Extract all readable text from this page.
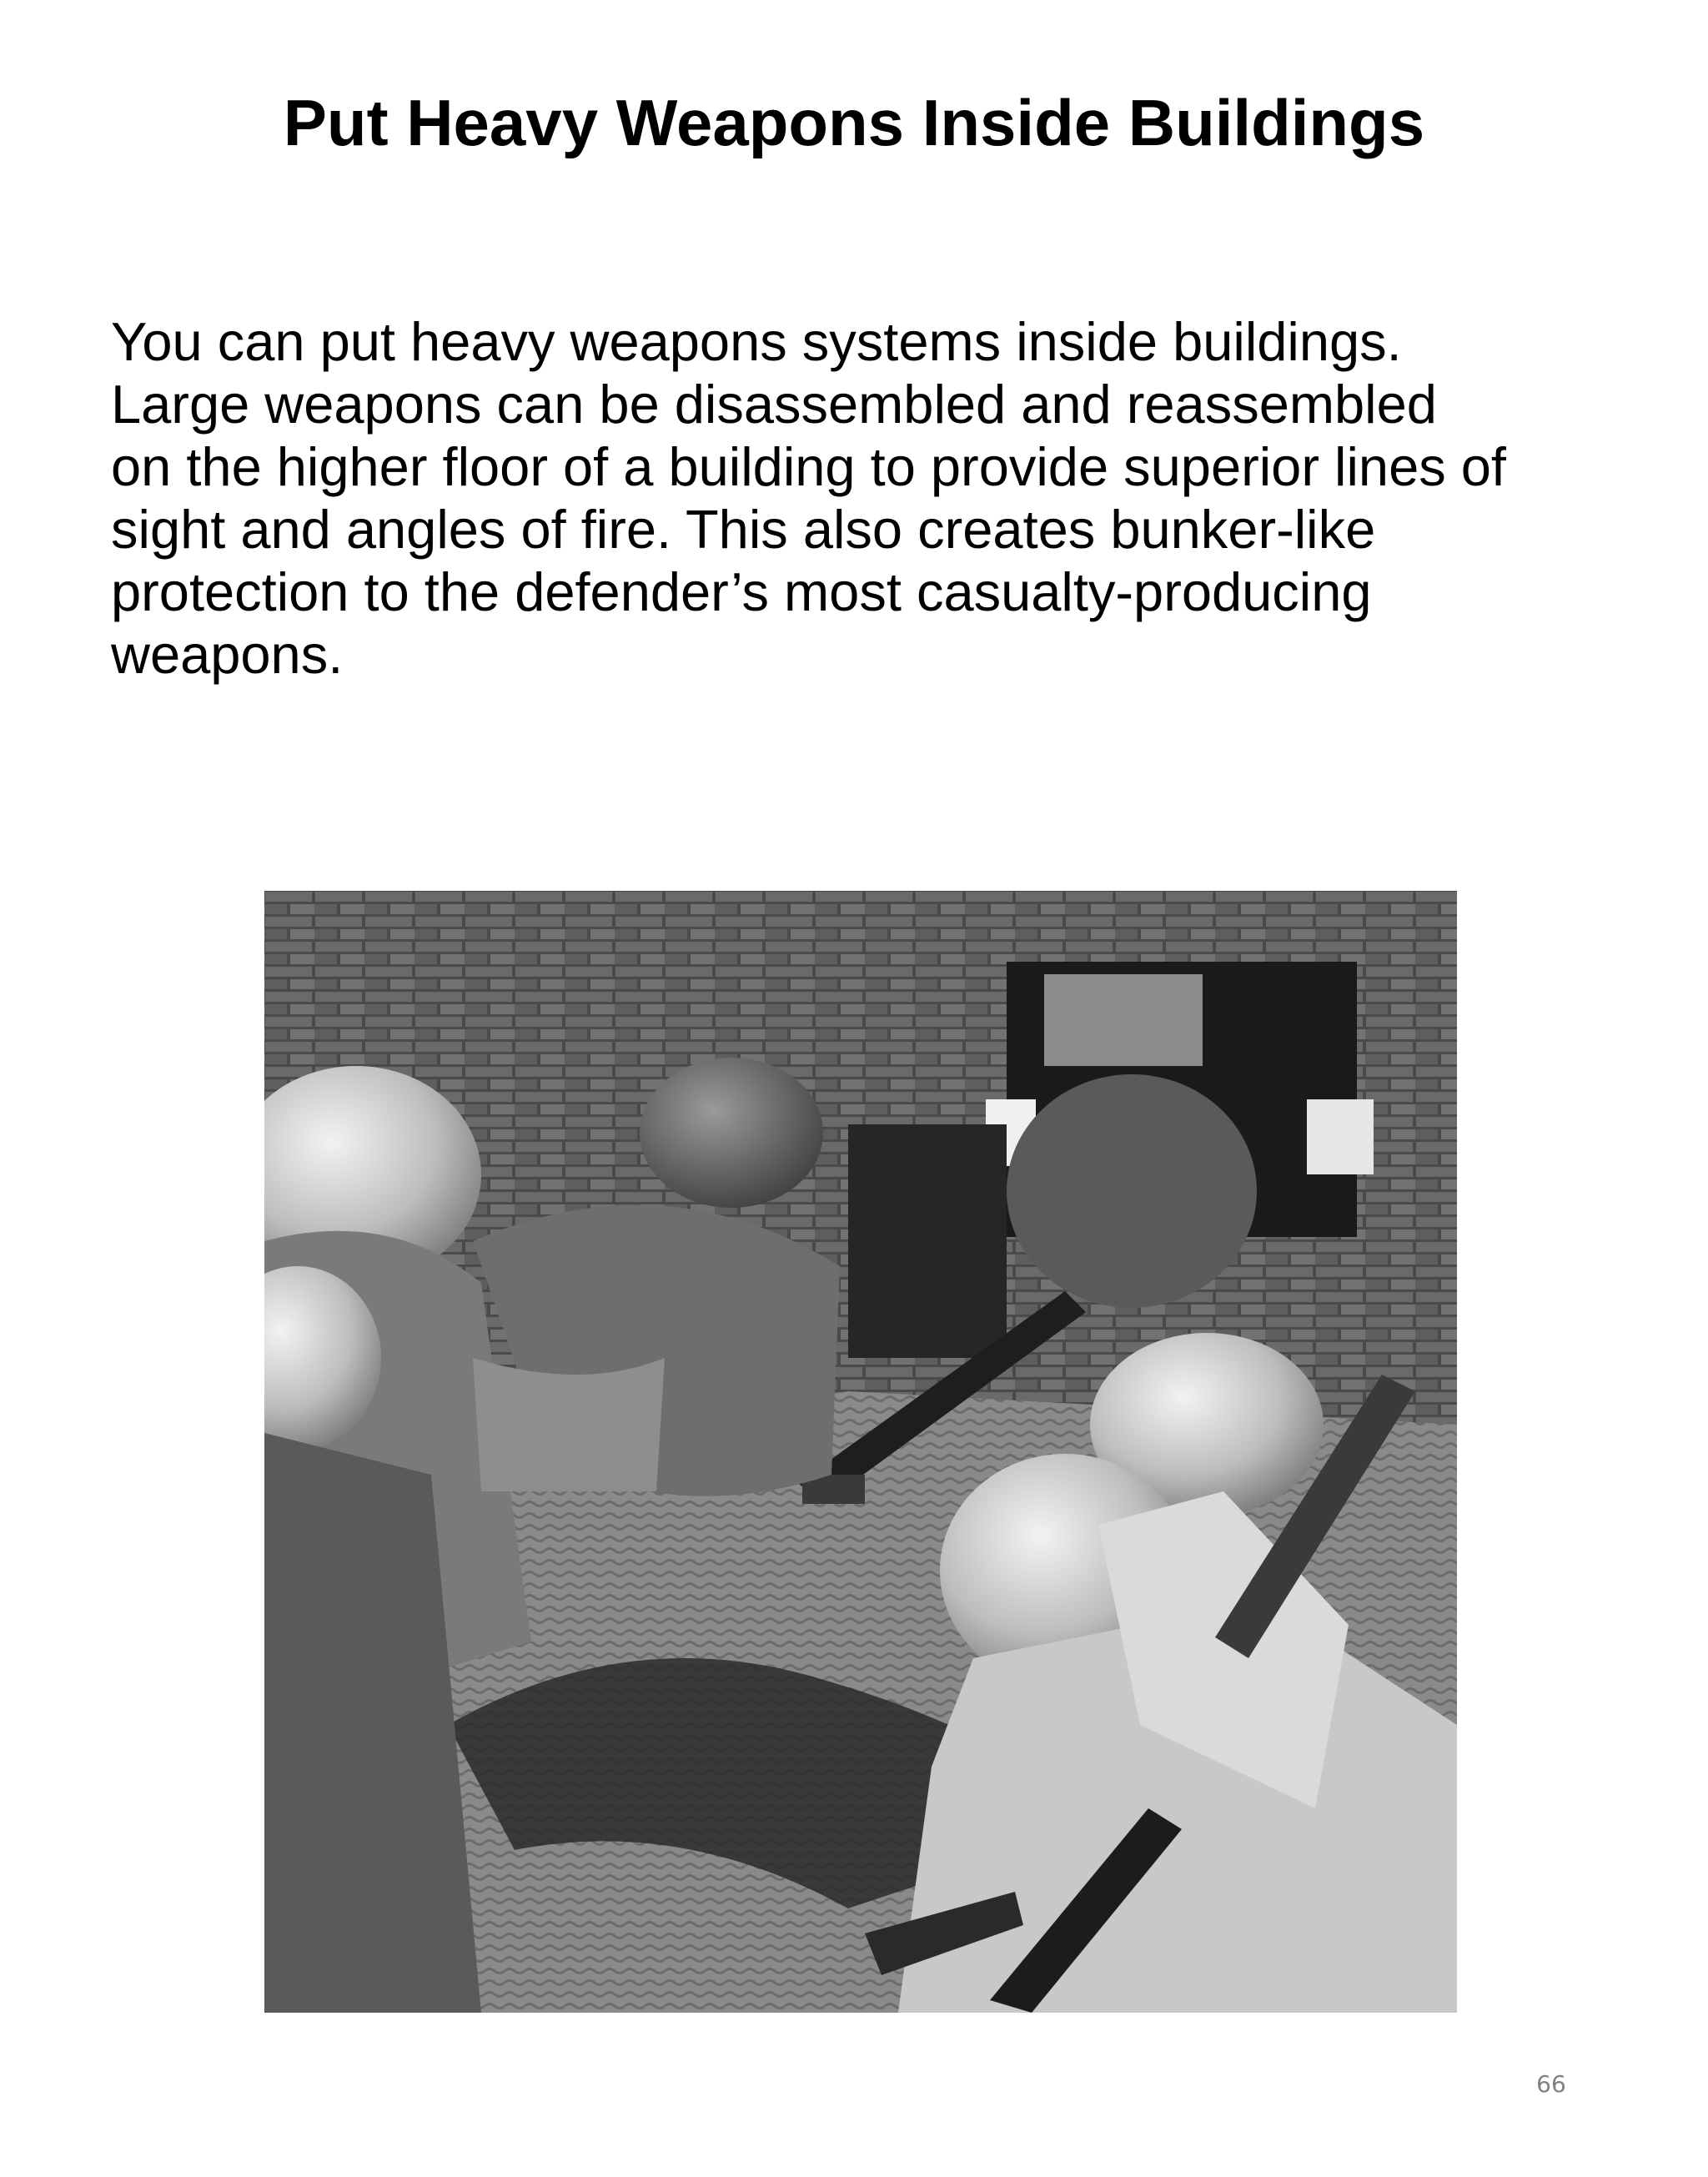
Put Heavy Weapons Inside Buildings
You can put heavy weapons systems inside buildings.
Large weapons can be disassembled and reassembled
on the higher floor of a building to provide superior lines of
sight and angles of fire. This also creates bunker-like
protection to the defender’s most casualty-producing
weapons.
66
